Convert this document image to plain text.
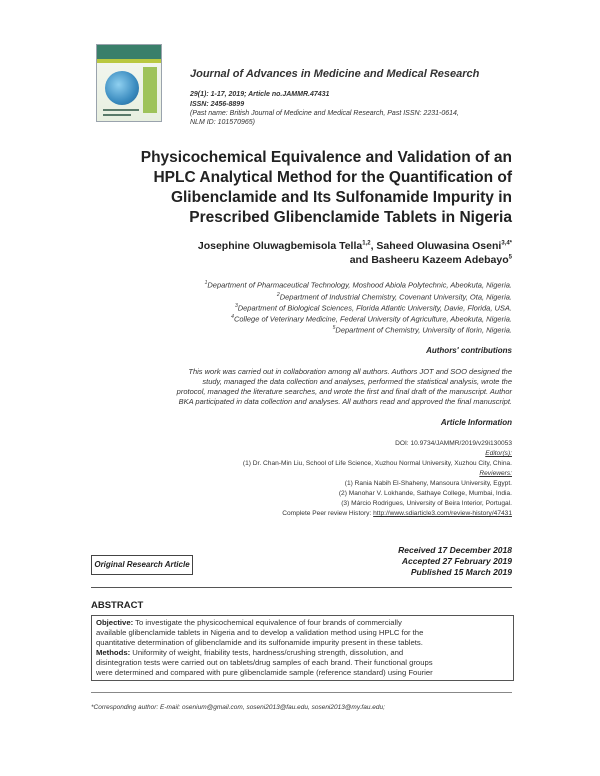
Journal of Advances in Medicine and Medical Research
29(1): 1-17, 2019; Article no.JAMMR.47431
ISSN: 2456-8899
(Past name: British Journal of Medicine and Medical Research, Past ISSN: 2231-0614,
NLM ID: 101570965)
Physicochemical Equivalence and Validation of an
HPLC Analytical Method for the Quantification of
Glibenclamide and Its Sulfonamide Impurity in
Prescribed Glibenclamide Tablets in Nigeria
Josephine Oluwagbemisola Tella$^{1,2}$, Saheed Oluwasina Oseni$^{3,4*}$
and Basheeru Kazeem Adebayo$^5$
$^1$Department of Pharmaceutical Technology, Moshood Abiola Polytechnic, Abeokuta, Nigeria.
$^2$Department of Industrial Chemistry, Covenant University, Ota, Nigeria.
$^3$Department of Biological Sciences, Florida Atlantic University, Davie, Florida, USA.
$^4$College of Veterinary Medicine, Federal University of Agriculture, Abeokuta, Nigeria.
$^5$Department of Chemistry, University of Ilorin, Nigeria.
Authors' contributions
This work was carried out in collaboration among all authors. Authors JOT and SOO designed the
study, managed the data collection and analyses, performed the statistical analysis, wrote the
protocol, managed the literature searches, and wrote the first and final draft of the manuscript. Author
BKA participated in data collection and analyses. All authors read and approved the final manuscript.
Article Information
DOI: 10.9734/JAMMR/2019/v29i130053
Editor(s):
(1) Dr. Chan-Min Liu, School of Life Science, Xuzhou Normal University, Xuzhou City, China.
Reviewers:
(1) Rania Nabih El-Shaheny, Mansoura University, Egypt.
(2) Manohar V. Lokhande, Sathaye College, Mumbai, India.
(3) Márcio Rodrigues, University of Beira Interior, Portugal.
Complete Peer review History: http://www.sdiarticle3.com/review-history/47431
Original Research Article
Received 17 December 2018
Accepted 27 February 2019
Published 15 March 2019
ABSTRACT
Objective: To investigate the physicochemical equivalence of four brands of commercially
available glibenclamide tablets in Nigeria and to develop a validation method using HPLC for the
quantitative determination of glibenclamide and its sulfonamide impurity present in these tablets.
Methods: Uniformity of weight, friability tests, hardness/crushing strength, dissolution, and
disintegration tests were carried out on tablets/drug samples of each brand. Their functional groups
were determined and compared with pure glibenclamide sample (reference standard) using Fourier
*Corresponding author: E-mail: osenium@gmail.com, soseni2013@fau.edu, soseni2013@my.fau.edu;
